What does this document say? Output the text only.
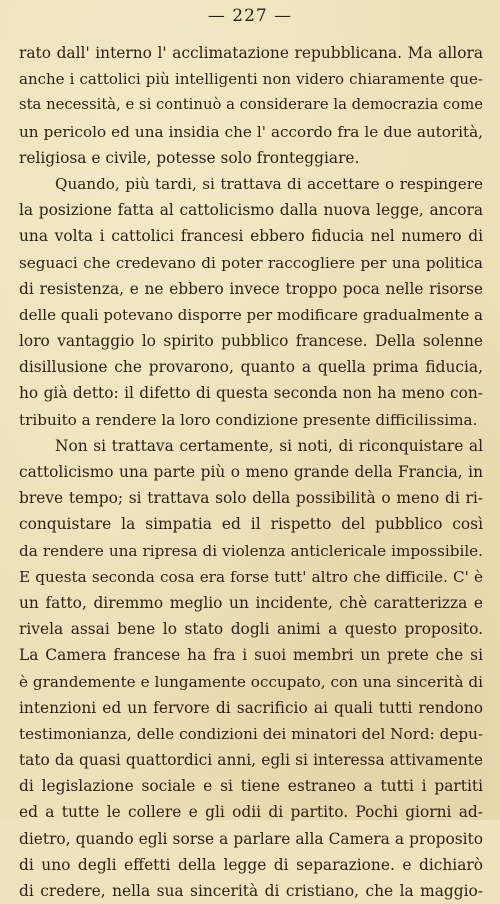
— 227 —
rato dall' interno l' acclimatazione repubblicana. Ma allora
anche i cattolici più intelligenti non videro chiaramente que-
sta necessità, e si continuò a considerare la democrazia come
un pericolo ed una insidia che l' accordo fra le due autorità,
religiosa e civile, potesse solo fronteggiare.
Quando, più tardi, si trattava di accettare o respingere
la posizione fatta al cattolicismo dalla nuova legge, ancora
una volta i cattolici francesi ebbero fiducia nel numero di
seguaci che credevano di poter raccogliere per una politica
di resistenza, e ne ebbero invece troppo poca nelle risorse
delle quali potevano disporre per modificare gradualmente a
loro vantaggio lo spirito pubblico francese. Della solenne
disillusione che provarono, quanto a quella prima fiducia,
ho già detto: il difetto di questa seconda non ha meno con-
tribuito a rendere la loro condizione presente difficilissima.
Non si trattava certamente, si noti, di riconquistare al
cattolicismo una parte più o meno grande della Francia, in
breve tempo; si trattava solo della possibilità o meno di ri-
conquistare la simpatia ed il rispetto del pubblico così
da rendere una ripresa di violenza anticlericale impossibile.
E questa seconda cosa era forse tutt' altro che difficile. C' è
un fatto, diremmo meglio un incidente, chè caratterizza e
rivela assai bene lo stato dogli animi a questo proposito.
La Camera francese ha fra i suoi membri un prete che si
è grandemente e lungamente occupato, con una sincerità di
intenzioni ed un fervore di sacrificio ai quali tutti rendono
testimonianza, delle condizioni dei minatori del Nord: depu-
tato da quasi quattordici anni, egli si interessa attivamente
di legislazione sociale e si tiene estraneo a tutti i partiti
ed a tutte le collere e gli odii di partito. Pochi giorni ad-
dietro, quando egli sorse a parlare alla Camera a proposito
di uno degli effetti della legge di separazione. e dichiarò
di credere, nella sua sincerità di cristiano, che la maggio-
